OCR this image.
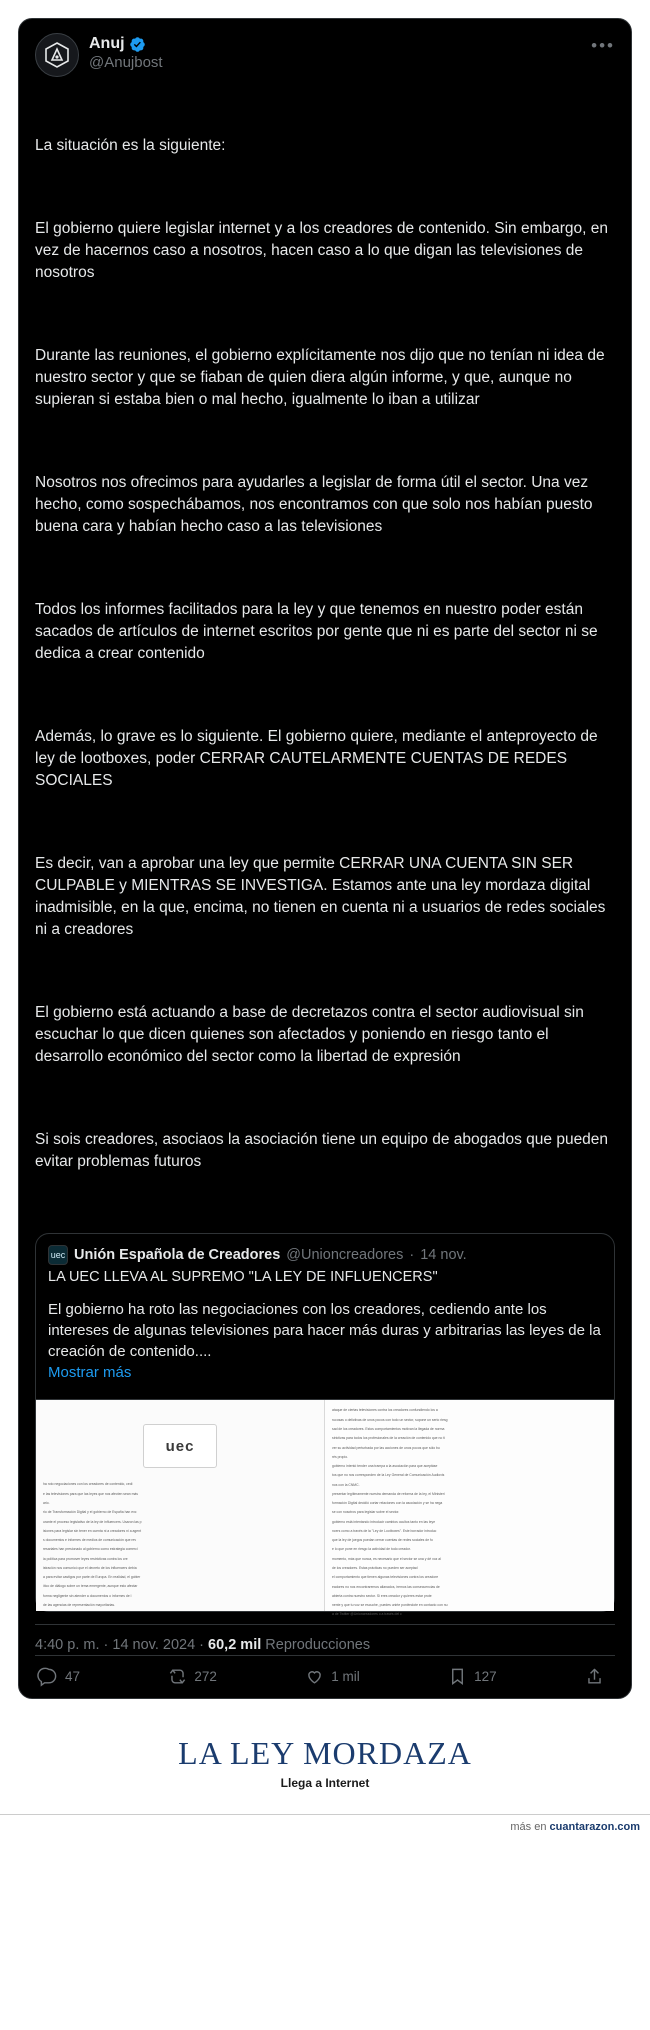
Anuj
@Anujbost
•••

La situación es la siguiente:

El gobierno quiere legislar internet y a los creadores de contenido. Sin embargo, en vez de hacernos caso a nosotros, hacen caso a lo que digan las televisiones de nosotros

Durante las reuniones, el gobierno explícitamente nos dijo que no tenían ni idea de nuestro sector y que se fiaban de quien diera algún informe, y que, aunque no supieran si estaba bien o mal hecho, igualmente lo iban a utilizar

Nosotros nos ofrecimos para ayudarles a legislar de forma útil el sector. Una vez hecho, como sospechábamos, nos encontramos con que solo nos habían puesto buena cara y habían hecho caso a las televisiones

Todos los informes facilitados para la ley y que tenemos en nuestro poder están sacados de artículos de internet escritos por gente que ni es parte del sector ni se dedica a crear contenido

Además, lo grave es lo siguiente. El gobierno quiere, mediante el anteproyecto de ley de lootboxes, poder CERRAR CAUTELARMENTE CUENTAS DE REDES SOCIALES

Es decir, van a aprobar una ley que permite CERRAR UNA CUENTA SIN SER CULPABLE y MIENTRAS SE INVESTIGA. Estamos ante una ley mordaza digital inadmisible, en la que, encima, no tienen en cuenta ni a usuarios de redes sociales ni a creadores

El gobierno está actuando a base de decretazos contra el sector audiovisual sin escuchar lo que dicen quienes son afectados y poniendo en riesgo tanto el desarrollo económico del sector como la libertad de expresión

Si sois creadores, asociaos la asociación tiene un equipo de abogados que pueden evitar problemas futuros

uec Unión Española de Creadores @Unioncreadores · 14 nov.
LA UEC LLEVA AL SUPREMO "LA LEY DE INFLUENCERS"
El gobierno ha roto las negociaciones con los creadores, cediendo ante los intereses de algunas televisiones para hacer más duras y arbitrarias las leyes de la creación de contenido....
Mostrar más
uec

ha roto negociaciones con los creadores de contenido, cedi

e las televisiones para que las leyes que nos afecten sean más

ario.

rio de Transformación Digital y el gobierno de España han exc

urante el proceso legislativo de la ley de influencers. Usaron las p

isiones para legislar sin tener en cuenta ni a creadores ni a agent

s documentos e informes de medios de comunicación que rev

resariales han presionado al gobierno como estrategia comerci

ia política para promover leyes restrictivas contra los cre

istración nos comunicó que el decreto de los influencers debía

a para evitar castigos por parte de Europa. En realidad, el gobier

ítico de diálogo sobre un tema emergente, aunque esto afectar

forma negligente sin atender a documentos o informes de l

de las agencias de representación mayoritarias.

ataque de ciertas televisiones contra los creadores confundiendo los a

rucosas o delictivas de unos pocos con todo un sector, supone un serio riesg

sad de los creadores. Estos comportamientos motivan la llegada de norma

strictivas para todos los profesionales de la creación de contenido que no ti

ver su actividad perturbada por las acciones de unos pocos que sólo bu

rés propio.

gobierno intentó tender una trampa a la asociación para que aceptáse

tos que no nos corresponden de la Ley General de Comunicación Audiovis

nos con la CNMC.

presentar legítimamente nuestra demanda de reforma de la ley, el Ministeri

formación Digital decidió cortar relaciones con la asociación y se ha nega

se con nosotros para legislar sobre el sector.

gobierno está intentando introducir cambios ocultos tanto en las leye

ncers como a través de la "Ley de Lootboxes". Este borrador introduc

que la ley de juegos puedan cerrar cuentas de redes sociales de fo

e lo que pone en riesgo la actividad de todo creador.

momento, más que nunca, es necesario que el sector se una y dé voz al

de los creadores. Estas prácticas no pueden ser aceptad

el comportamiento que tienen algunas televisiones contra los creadore

eadores no nos encontraremos allanados, iremos las consecuencias de

abierta contra nuestro sector. Si eres creador y quieres estar prote

nente y que tu voz se escuche, puedes unirte poniéndote en contacto con nu

a de Twitter @Unioncreadores o a través del c

4:40 p. m. · 14 nov. 2024 · 60,2 mil Reproducciones
47	272	1 mil	127
LA LEY MORDAZA
Llega a Internet
más en cuantarazon.com
